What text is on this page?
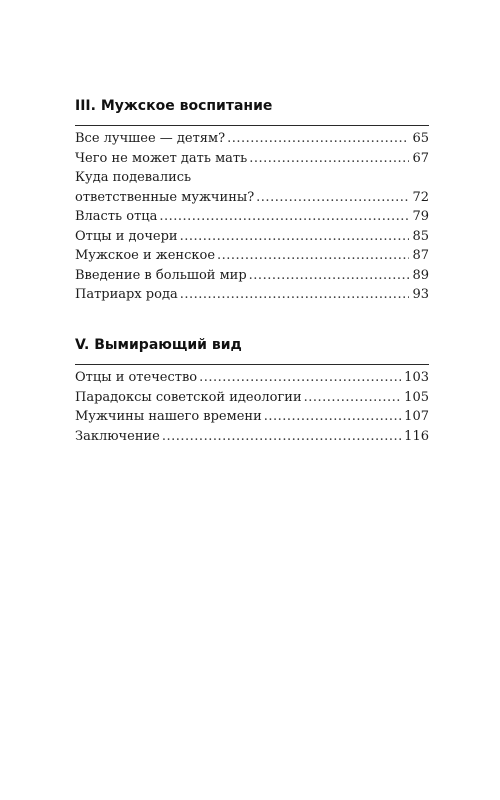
III. Мужское воспитание
Все лучшее — детям? .....	65
Чего не может дать мать .....	67
Куда подевались
ответственные мужчины? .....	72
Власть отца .....	79
Отцы и дочери .....	85
Мужское и женское .....	87
Введение в большой мир .....	89
Патриарх рода .....	93
V. Вымирающий вид
Отцы и отечество .....	103
Парадоксы советской идеологии .....	105
Мужчины нашего времени .....	107
Заключение .....	116
